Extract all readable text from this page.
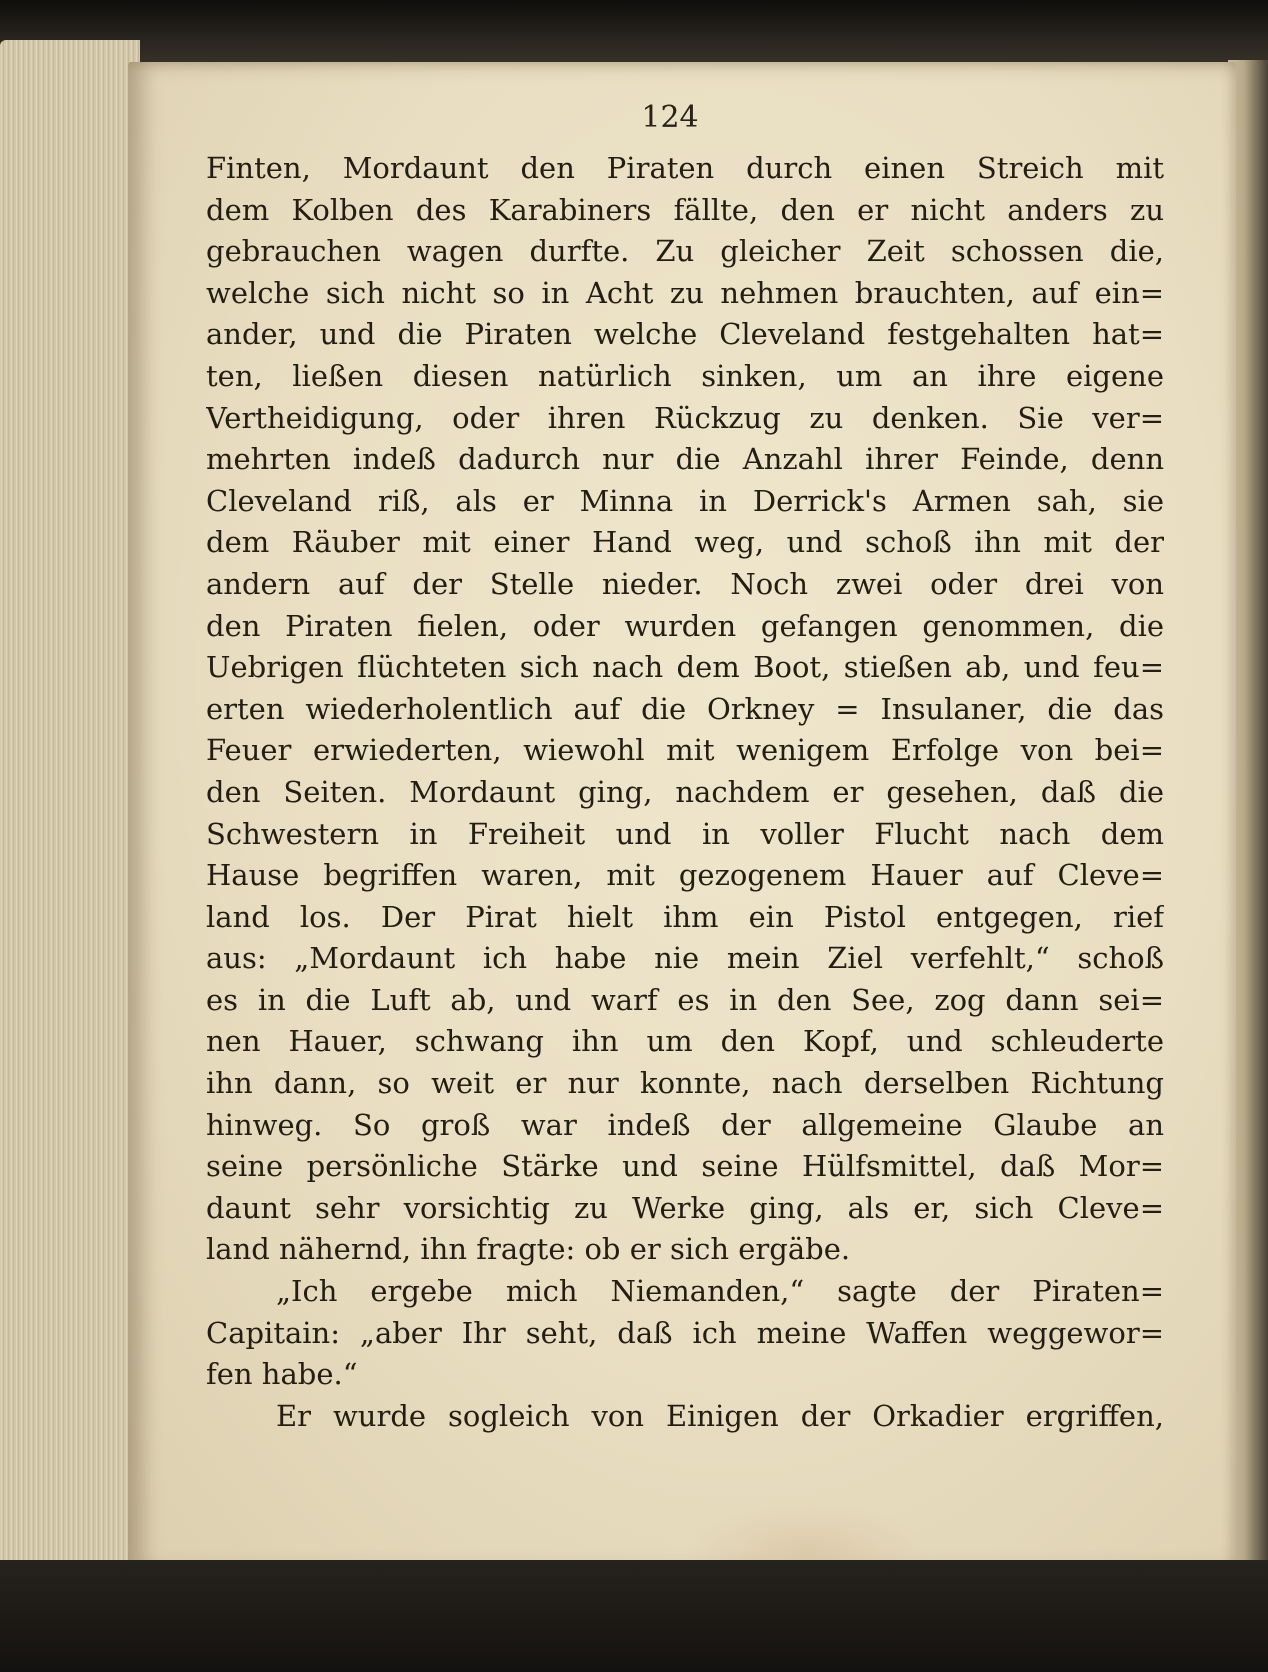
124
Finten, Mordaunt den Piraten durch einen Streich mit
dem Kolben des Karabiners fällte, den er nicht anders zu
gebrauchen wagen durfte. Zu gleicher Zeit schossen die,
welche sich nicht so in Acht zu nehmen brauchten, auf ein=
ander, und die Piraten welche Cleveland festgehalten hat=
ten, ließen diesen natürlich sinken, um an ihre eigene
Vertheidigung, oder ihren Rückzug zu denken. Sie ver=
mehrten indeß dadurch nur die Anzahl ihrer Feinde, denn
Cleveland riß, als er Minna in Derrick's Armen sah, sie
dem Räuber mit einer Hand weg, und schoß ihn mit der
andern auf der Stelle nieder. Noch zwei oder drei von
den Piraten fielen, oder wurden gefangen genommen, die
Uebrigen flüchteten sich nach dem Boot, stießen ab, und feu=
erten wiederholentlich auf die Orkney = Insulaner, die das
Feuer erwiederten, wiewohl mit wenigem Erfolge von bei=
den Seiten. Mordaunt ging, nachdem er gesehen, daß die
Schwestern in Freiheit und in voller Flucht nach dem
Hause begriffen waren, mit gezogenem Hauer auf Cleve=
land los. Der Pirat hielt ihm ein Pistol entgegen, rief
aus: „Mordaunt ich habe nie mein Ziel verfehlt,“ schoß
es in die Luft ab, und warf es in den See, zog dann sei=
nen Hauer, schwang ihn um den Kopf, und schleuderte
ihn dann, so weit er nur konnte, nach derselben Richtung
hinweg. So groß war indeß der allgemeine Glaube an
seine persönliche Stärke und seine Hülfsmittel, daß Mor=
daunt sehr vorsichtig zu Werke ging, als er, sich Cleve=
land nähernd, ihn fragte: ob er sich ergäbe.
„Ich ergebe mich Niemanden,“ sagte der Piraten=
Capitain: „aber Ihr seht, daß ich meine Waffen weggewor=
fen habe.“
Er wurde sogleich von Einigen der Orkadier ergriffen,
